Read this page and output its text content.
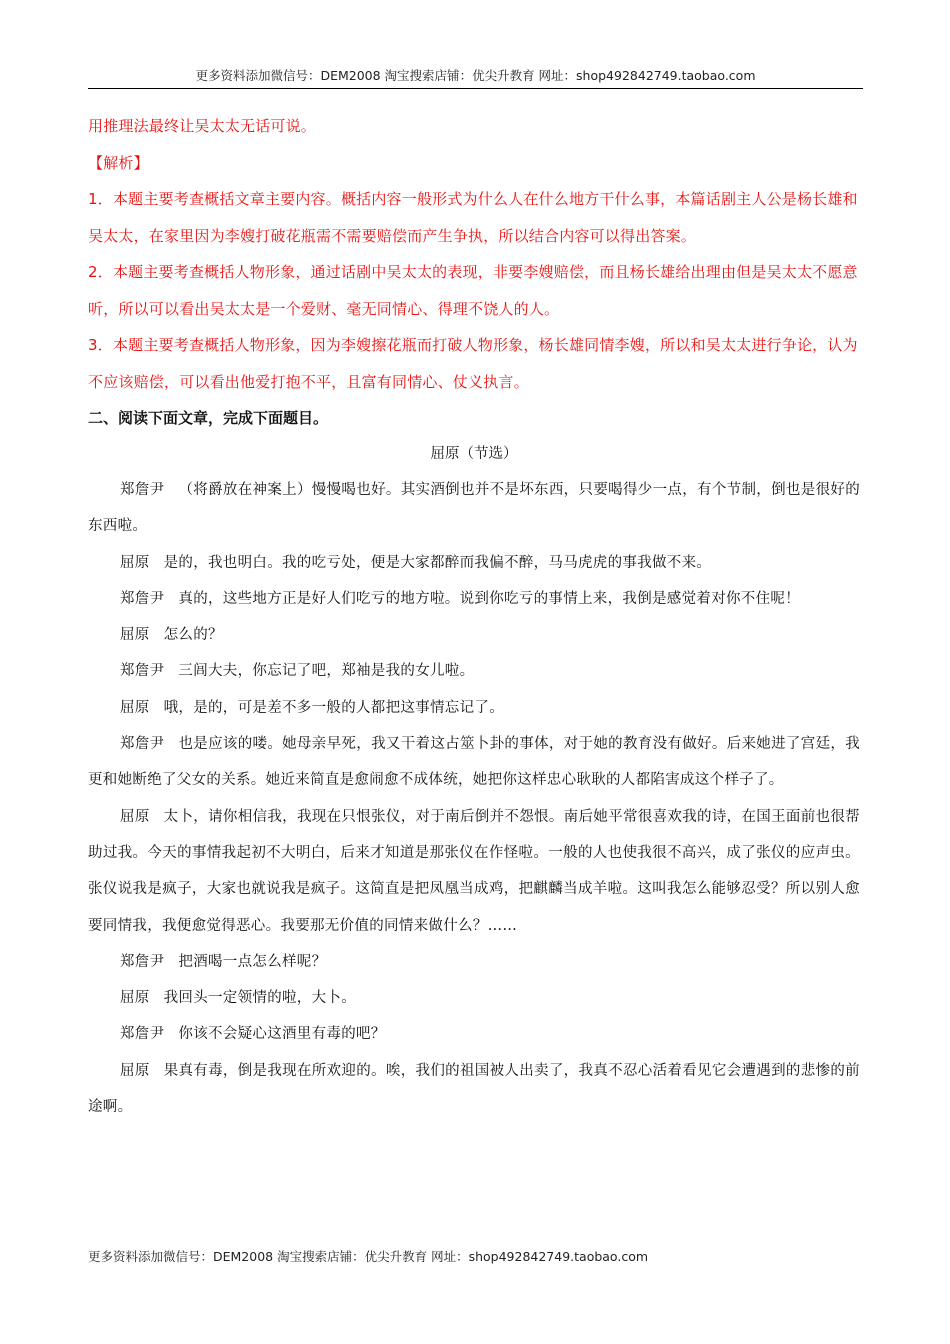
更多资料添加微信号：DEM2008 淘宝搜索店铺：优尖升教育 网址：shop492842749.taobao.com

用推理法最终让吴太太无话可说。

【解析】

1．本题主要考查概括文章主要内容。概括内容一般形式为什么人在什么地方干什么事，本篇话剧主人公是杨长雄和吴太太，在家里因为李嫂打破花瓶需不需要赔偿而产生争执，所以结合内容可以得出答案。

2．本题主要考查概括人物形象，通过话剧中吴太太的表现，非要李嫂赔偿，而且杨长雄给出理由但是吴太太不愿意听，所以可以看出吴太太是一个爱财、毫无同情心、得理不饶人的人。

3．本题主要考查概括人物形象，因为李嫂擦花瓶而打破人物形象，杨长雄同情李嫂，所以和吴太太进行争论，认为不应该赔偿，可以看出他爱打抱不平，且富有同情心、仗义执言。

二、阅读下面文章，完成下面题目。

屈原（节选）

郑詹尹 （将爵放在神案上）慢慢喝也好。其实酒倒也并不是坏东西，只要喝得少一点，有个节制，倒也是很好的东西啦。

屈原 是的，我也明白。我的吃亏处，便是大家都醉而我偏不醉，马马虎虎的事我做不来。

郑詹尹 真的，这些地方正是好人们吃亏的地方啦。说到你吃亏的事情上来，我倒是感觉着对你不住呢！

屈原 怎么的？

郑詹尹 三闾大夫，你忘记了吧，郑袖是我的女儿啦。

屈原 哦，是的，可是差不多一般的人都把这事情忘记了。

郑詹尹 也是应该的喽。她母亲早死，我又干着这占筮卜卦的事体，对于她的教育没有做好。后来她进了宫廷，我更和她断绝了父女的关系。她近来简直是愈闹愈不成体统，她把你这样忠心耿耿的人都陷害成这个样子了。

屈原 太卜，请你相信我，我现在只恨张仪，对于南后倒并不怨恨。南后她平常很喜欢我的诗，在国王面前也很帮助过我。今天的事情我起初不大明白，后来才知道是那张仪在作怪啦。一般的人也使我很不高兴，成了张仪的应声虫。张仪说我是疯子，大家也就说我是疯子。这简直是把凤凰当成鸡，把麒麟当成羊啦。这叫我怎么能够忍受？所以别人愈要同情我，我便愈觉得恶心。我要那无价值的同情来做什么？……

郑詹尹 把酒喝一点怎么样呢？

屈原 我回头一定领情的啦，大卜。

郑詹尹 你该不会疑心这酒里有毒的吧？

屈原 果真有毒，倒是我现在所欢迎的。唉，我们的祖国被人出卖了，我真不忍心活着看见它会遭遇到的悲惨的前途啊。

更多资料添加微信号：DEM2008 淘宝搜索店铺：优尖升教育 网址：shop492842749.taobao.com
